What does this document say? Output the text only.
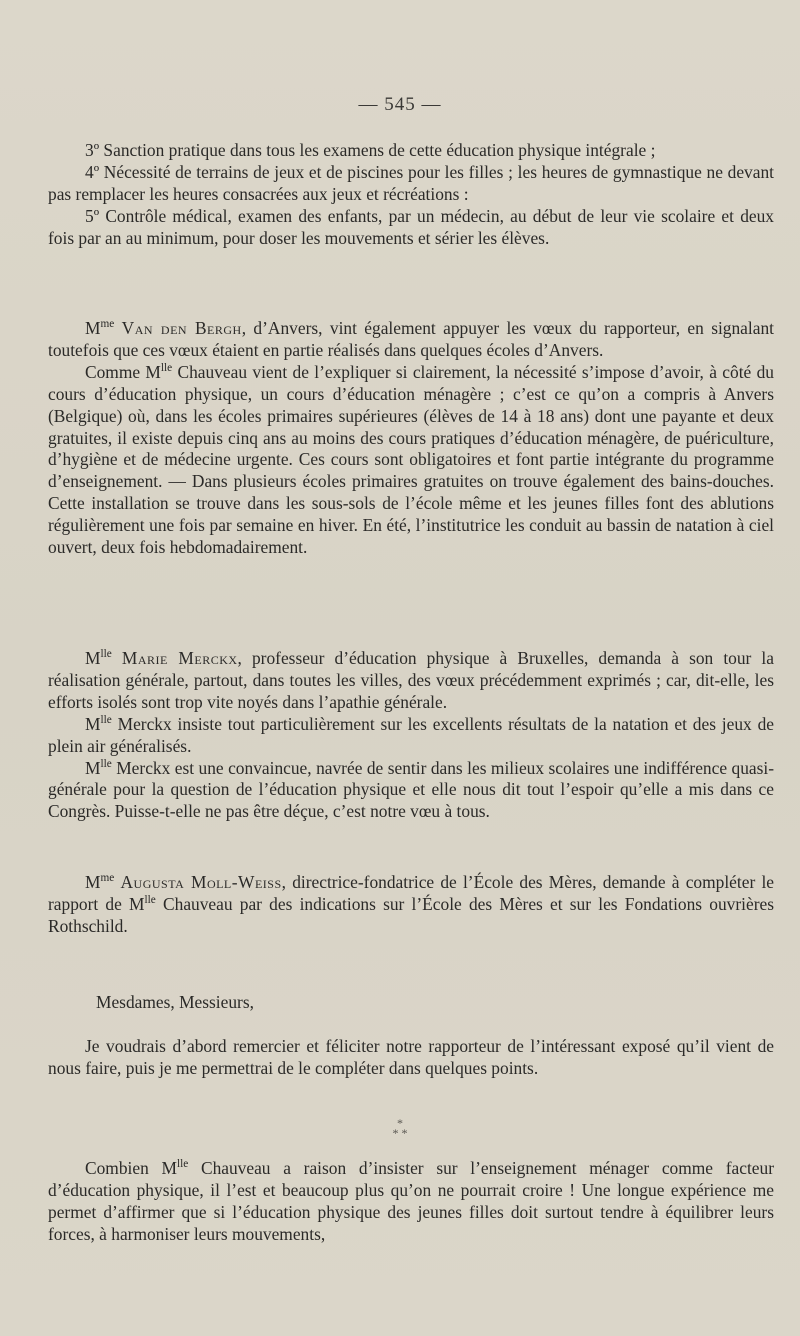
— 545 —

3º Sanction pratique dans tous les examens de cette éducation physique intégrale ;

4º Nécessité de terrains de jeux et de piscines pour les filles ; les heures de gymnastique ne devant pas remplacer les heures consacrées aux jeux et récréations :

5º Contrôle médical, examen des enfants, par un médecin, au début de leur vie scolaire et deux fois par an au minimum, pour doser les mouvements et sérier les élèves.

$M^{me}$ Van den Bergh, d’Anvers, vint également appuyer les vœux du rapporteur, en signalant toutefois que ces vœux étaient en partie réalisés dans quelques écoles d’Anvers.

Comme $M^{lle}$ Chauveau vient de l’expliquer si clairement, la nécessité s’impose d’avoir, à côté du cours d’éducation physique, un cours d’éducation ménagère ; c’est ce qu’on a compris à Anvers (Belgique) où, dans les écoles primaires supérieures (élèves de 14 à 18 ans) dont une payante et deux gratuites, il existe depuis cinq ans au moins des cours pratiques d’éducation ménagère, de puériculture, d’hygiène et de médecine urgente. Ces cours sont obligatoires et font partie intégrante du programme d’enseignement. — Dans plusieurs écoles primaires gratuites on trouve également des bains-douches. Cette installation se trouve dans les sous-sols de l’école même et les jeunes filles font des ablutions régulièrement une fois par semaine en hiver. En été, l’institutrice les conduit au bassin de natation à ciel ouvert, deux fois hebdomadairement.

$M^{lle}$ Marie Merckx, professeur d’éducation physique à Bruxelles, demanda à son tour la réalisation générale, partout, dans toutes les villes, des vœux précédemment exprimés ; car, dit-elle, les efforts isolés sont trop vite noyés dans l’apathie générale.

$M^{lle}$ Merckx insiste tout particulièrement sur les excellents résultats de la natation et des jeux de plein air généralisés.

$M^{lle}$ Merckx est une convaincue, navrée de sentir dans les milieux scolaires une indifférence quasi-générale pour la question de l’éducation physique et elle nous dit tout l’espoir qu’elle a mis dans ce Congrès. Puisse-t-elle ne pas être déçue, c’est notre vœu à tous.

$M^{me}$ Augusta Moll-Weiss, directrice-fondatrice de l’École des Mères, demande à compléter le rapport de $M^{lle}$ Chauveau par des indications sur l’École des Mères et sur les Fondations ouvrières Rothschild.

Mesdames, Messieurs,

Je voudrais d’abord remercier et féliciter notre rapporteur de l’intéressant exposé qu’il vient de nous faire, puis je me permettrai de le compléter dans quelques points.

*
* *

Combien $M^{lle}$ Chauveau a raison d’insister sur l’enseignement ménager comme facteur d’éducation physique, il l’est et beaucoup plus qu’on ne pourrait croire ! Une longue expérience me permet d’affirmer que si l’éducation physique des jeunes filles doit surtout tendre à équilibrer leurs forces, à harmoniser leurs mouvements,
